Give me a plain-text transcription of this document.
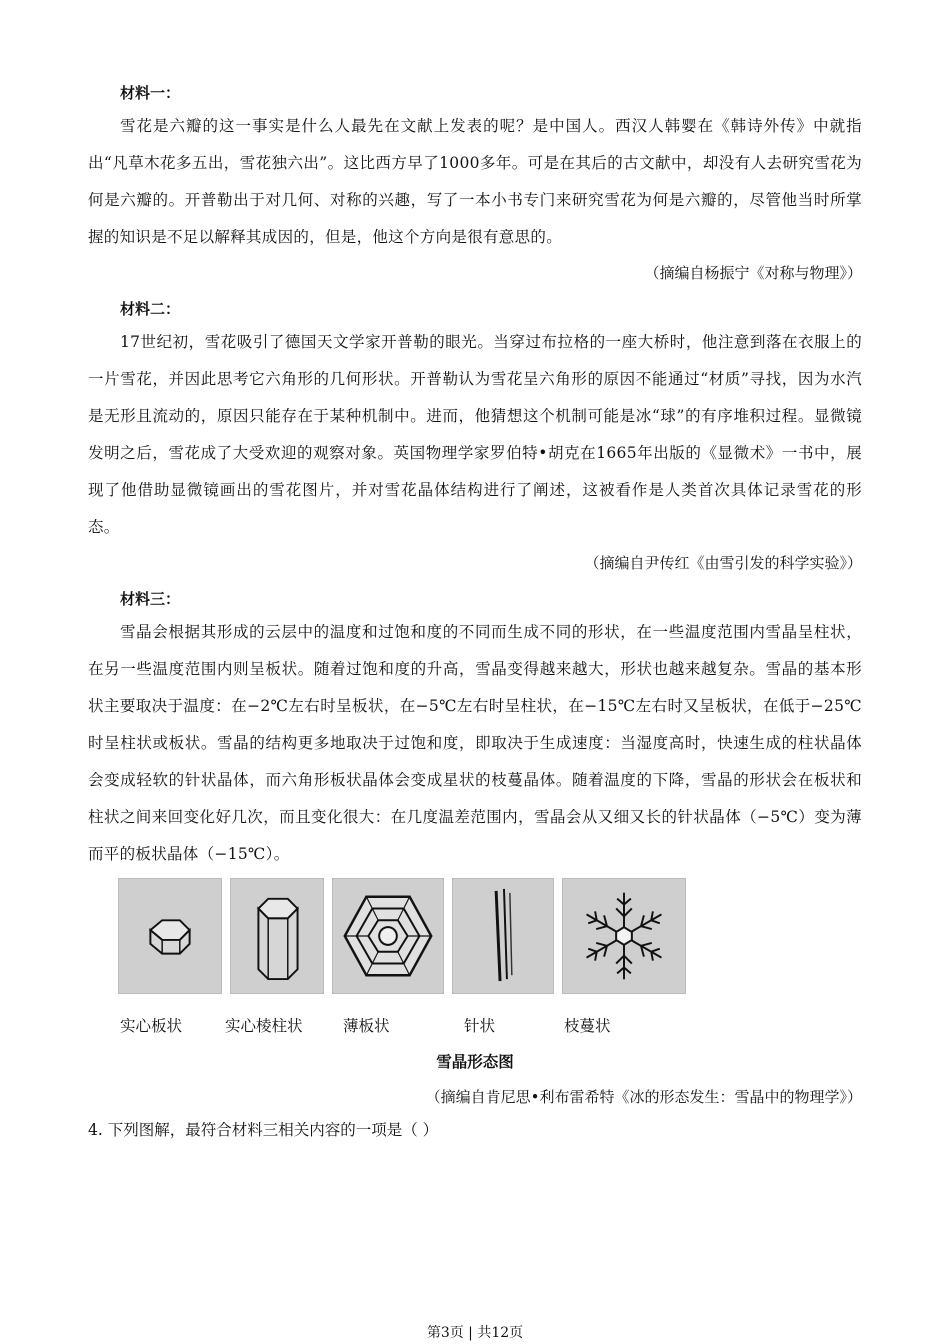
材料一：
雪花是六瓣的这一事实是什么人最先在文献上发表的呢？是中国人。西汉人韩婴在《韩诗外传》中就指出“凡草木花多五出，雪花独六出”。这比西方早了1000多年。可是在其后的古文献中，却没有人去研究雪花为何是六瓣的。开普勒出于对几何、对称的兴趣，写了一本小书专门来研究雪花为何是六瓣的，尽管他当时所掌握的知识是不足以解释其成因的，但是，他这个方向是很有意思的。
（摘编自杨振宁《对称与物理》）
材料二：
17世纪初，雪花吸引了德国天文学家开普勒的眼光。当穿过布拉格的一座大桥时，他注意到落在衣服上的一片雪花，并因此思考它六角形的几何形状。开普勒认为雪花呈六角形的原因不能通过“材质”寻找，因为水汽是无形且流动的，原因只能存在于某种机制中。进而，他猜想这个机制可能是冰“球”的有序堆积过程。显微镜发明之后，雪花成了大受欢迎的观察对象。英国物理学家罗伯特•胡克在1665年出版的《显微术》一书中，展现了他借助显微镜画出的雪花图片，并对雪花晶体结构进行了阐述，这被看作是人类首次具体记录雪花的形态。
（摘编自尹传红《由雪引发的科学实验》）
材料三：
雪晶会根据其形成的云层中的温度和过饱和度的不同而生成不同的形状，在一些温度范围内雪晶呈柱状，在另一些温度范围内则呈板状。随着过饱和度的升高，雪晶变得越来越大，形状也越来越复杂。雪晶的基本形状主要取决于温度：在−2℃左右时呈板状，在−5℃左右时呈柱状，在−15℃左右时又呈板状，在低于−25℃时呈柱状或板状。雪晶的结构更多地取决于过饱和度，即取决于生成速度：当湿度高时，快速生成的柱状晶体会变成轻软的针状晶体，而六角形板状晶体会变成星状的枝蔓晶体。随着温度的下降，雪晶的形状会在板状和柱状之间来回变化好几次，而且变化很大：在几度温差范围内，雪晶会从又细又长的针状晶体（−5℃）变为薄而平的板状晶体（−15℃）。
实心板状	实心棱柱状	薄板状	针状	枝蔓状
雪晶形态图
（摘编自肯尼思•利布雷希特《冰的形态发生：雪晶中的物理学》）
4. 下列图解，最符合材料三相关内容的一项是（ ）
第3页 | 共12页
